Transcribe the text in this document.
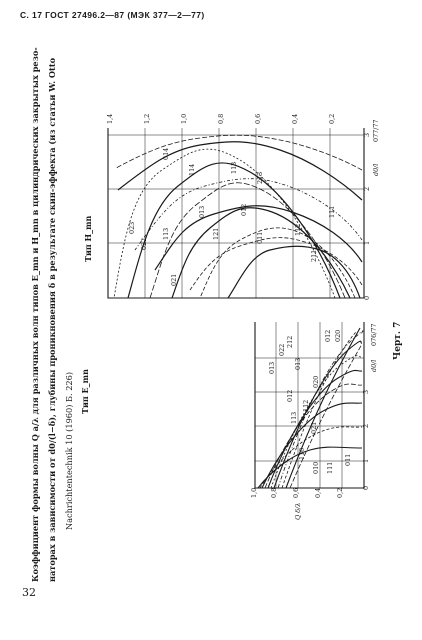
С. 17 ГОСТ 27496.2—87 (МЭК 377—2—77)
Коэффициент формы волны Q a/λ для различных волн типов E_mn и H_mn в цилиндрических закрытых резо- наторах в зависимости от d0/(l−δ), глубины проникновения δ в результате скин-эффекта (из статьи W. Otto Nachrichtentechnik 10 (1960) Б. 226)	1,0 0,8 0,6 0,4 0,2
Q δ/λ
0
1
2
3
d0/l
076/77
011
111
010
110
021
113
112
012
020
013
022
013
012 020
212
1,4	1,2	1,0	0,8	0,6	0,4	0,2
0
1
2
3
d0/l
077/77
023
022
021
113
013
121
012
011
213
112
111
211
014
114	113
Тип E_mn
Тип H_mn
Черт. 7
32
